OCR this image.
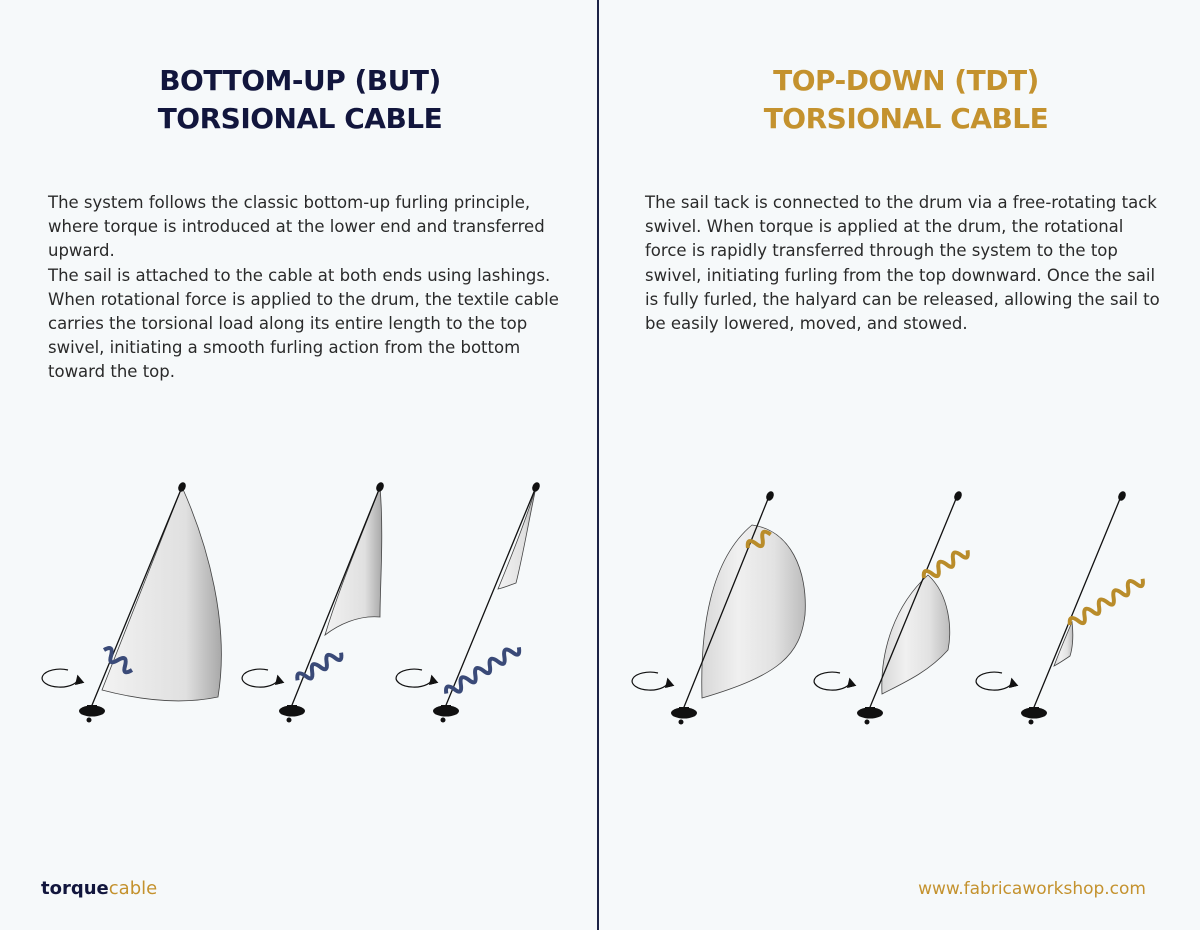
BOTTOM-UP (BUT)
TORSIONAL CABLE
TOP-DOWN (TDT)
TORSIONAL CABLE

The system follows the classic bottom-up furling principle, where torque is introduced at the lower end and transferred upward.

The sail is attached to the cable at both ends using lashings. When rotational force is applied to the drum, the textile cable carries the torsional load along its entire length to the top swivel, initiating a smooth furling action from the bottom toward the top.

The sail tack is connected to the drum via a free-rotating tack swivel. When torque is applied at the drum, the rotational force is rapidly transferred through the system to the top swivel, initiating furling from the top downward. Once the sail is fully furled, the halyard can be released, allowing the sail to be easily lowered, moved, and stowed.

torquecable	www.fabricaworkshop.com
